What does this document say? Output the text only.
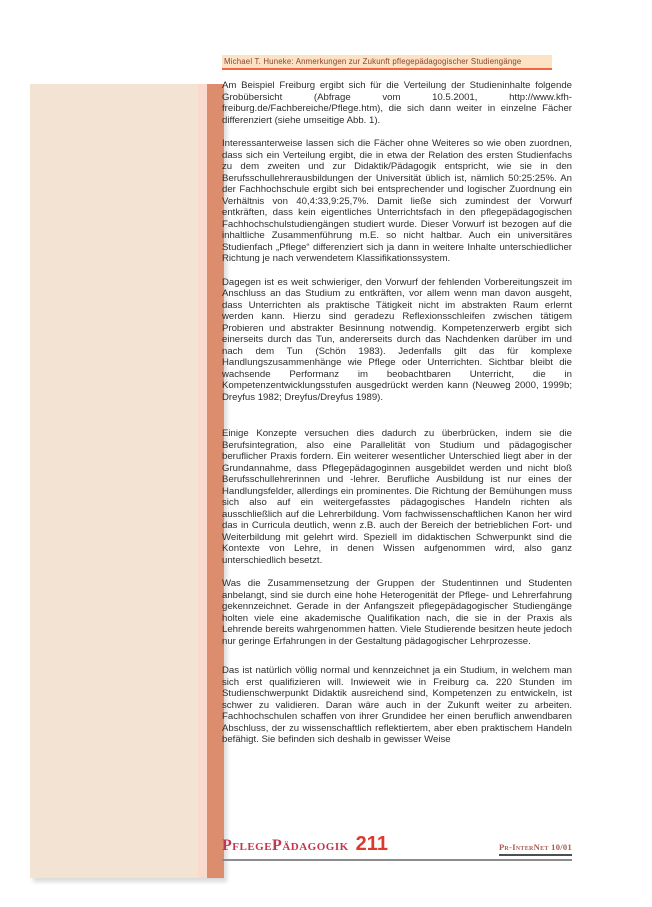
Michael T. Huneke: Anmerkungen zur Zukunft pflegepädagogischer Studiengänge

Am Beispiel Freiburg ergibt sich für die Verteilung der Studieninhalte folgende Grobübersicht (Abfrage vom 10.5.2001, http://www.kfh-freiburg.de/Fachbereiche/Pflege.htm), die sich dann weiter in einzelne Fächer differenziert (siehe umseitige Abb. 1).

Interessanterweise lassen sich die Fächer ohne Weiteres so wie oben zuordnen, dass sich ein Verteilung ergibt, die in etwa der Relation des ersten Studienfachs zu dem zweiten und zur Didaktik/Pädagogik entspricht, wie sie in den Berufsschullehrerausbildungen der Universität üblich ist, nämlich 50:25:25%. An der Fachhochschule ergibt sich bei entsprechender und logischer Zuordnung ein Verhältnis von 40,4:33,9:25,7%. Damit ließe sich zumindest der Vorwurf entkräften, dass kein eigentliches Unterrichtsfach in den pflegepädagogischen Fachhochschulstudiengängen studiert wurde. Dieser Vorwurf ist bezogen auf die inhaltliche Zusammenführung m.E. so nicht haltbar. Auch ein universitäres Studienfach „Pflege“ differenziert sich ja dann in weitere Inhalte unterschiedlicher Richtung je nach verwendetem Klassifikationssystem.

Dagegen ist es weit schwieriger, den Vorwurf der fehlenden Vorbereitungszeit im Anschluss an das Studium zu entkräften, vor allem wenn man davon ausgeht, dass Unterrichten als praktische Tätigkeit nicht im abstrakten Raum erlernt werden kann. Hierzu sind geradezu Reflexionsschleifen zwischen tätigem Probieren und abstrakter Besinnung notwendig. Kompetenzerwerb ergibt sich einerseits durch das Tun, andererseits durch das Nachdenken darüber im und nach dem Tun (Schön 1983). Jedenfalls gilt das für komplexe Handlungszusammenhänge wie Pflege oder Unterrichten. Sichtbar bleibt die wachsende Performanz im beobachtbaren Unterricht, die in Kompetenzentwicklungsstufen ausgedrückt werden kann (Neuweg 2000, 1999b; Dreyfus 1982; Dreyfus/Dreyfus 1989).

Einige Konzepte versuchen dies dadurch zu überbrücken, indem sie die Berufsintegration, also eine Parallelität von Studium und pädagogischer beruflicher Praxis fordern. Ein weiterer wesentlicher Unterschied liegt aber in der Grundannahme, dass Pflegepädagoginnen ausgebildet werden und nicht bloß Berufsschullehrerinnen und -lehrer. Berufliche Ausbildung ist nur eines der Handlungsfelder, allerdings ein prominentes. Die Richtung der Bemühungen muss sich also auf ein weitergefasstes pädagogisches Handeln richten als ausschließlich auf die Lehrerbildung. Vom fachwissenschaftlichen Kanon her wird das in Curricula deutlich, wenn z.B. auch der Bereich der betrieblichen Fort- und Weiterbildung mit gelehrt wird. Speziell im didaktischen Schwerpunkt sind die Kontexte von Lehre, in denen Wissen aufgenommen wird, also ganz unterschiedlich besetzt.

Was die Zusammensetzung der Gruppen der Studentinnen und Studenten anbelangt, sind sie durch eine hohe Heterogenität der Pflege- und Lehrerfahrung gekennzeichnet. Gerade in der Anfangszeit pflegepädagogischer Studiengänge holten viele eine akademische Qualifikation nach, die sie in der Praxis als Lehrende bereits wahrgenommen hatten. Viele Studierende besitzen heute jedoch nur geringe Erfahrungen in der Gestaltung pädagogischer Lehrprozesse.

Das ist natürlich völlig normal und kennzeichnet ja ein Studium, in welchem man sich erst qualifizieren will. Inwieweit wie in Freiburg ca. 220 Stunden im Studienschwerpunkt Didaktik ausreichend sind, Kompetenzen zu entwickeln, ist schwer zu validieren. Daran wäre auch in der Zukunft weiter zu arbeiten. Fachhochschulen schaffen von ihrer Grundidee her einen beruflich anwendbaren Abschluss, der zu wissenschaftlich reflektiertem, aber eben praktischem Handeln befähigt. Sie befinden sich deshalb in gewisser Weise

PflegePädagogik 211	Pr-InterNet 10/01
